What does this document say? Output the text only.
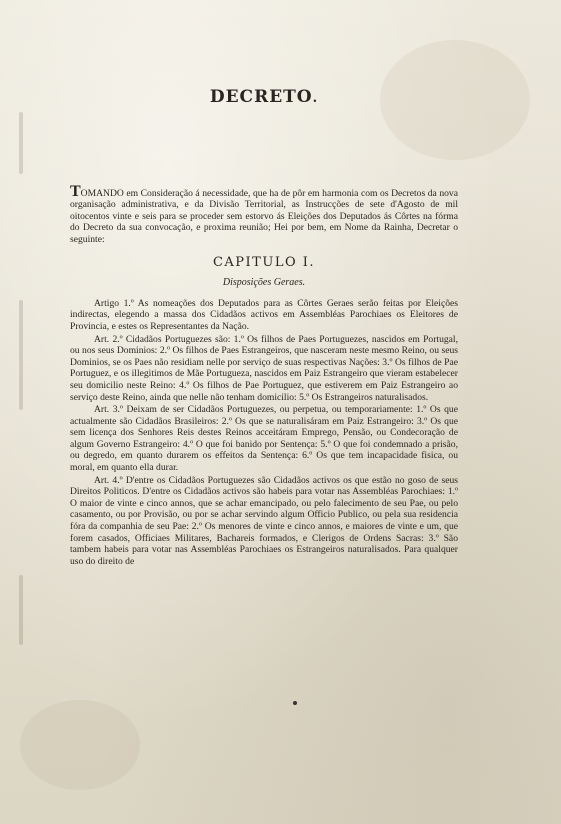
DECRETO.

TOMANDO em Consideração á necessidade, que ha de pôr em harmonia com os Decretos da nova organisação administrativa, e da Divisão Territorial, as Instrucções de sete d'Agosto de mil oitocentos vinte e seis para se proceder sem estorvo ás Eleições dos Deputados ás Côrtes na fórma do Decreto da sua convocação, e proxima reunião; Hei por bem, em Nome da Rainha, Decretar o seguinte:

CAPITULO I.
Disposições Geraes.

Artigo 1.º As nomeações dos Deputados para as Côrtes Geraes serão feitas por Eleições indirectas, elegendo a massa dos Cidadãos activos em Assembléas Parochiaes os Eleitores de Provincia, e estes os Representantes da Nação.

Art. 2.º Cidadãos Portuguezes são: 1.º Os filhos de Paes Portuguezes, nascidos em Portugal, ou nos seus Dominios: 2.º Os filhos de Paes Estrangeiros, que nasceram neste mesmo Reino, ou seus Dominios, se os Paes não residiam nelle por serviço de suas respectivas Nações: 3.º Os filhos de Pae Portuguez, e os illegitimos de Mãe Portugueza, nascidos em Paiz Estrangeiro que vieram estabelecer seu domicilio neste Reino: 4.º Os filhos de Pae Portuguez, que estiverem em Paiz Estrangeiro ao serviço deste Reino, ainda que nelle não tenham domicilio: 5.º Os Estrangeiros naturalisados.

Art. 3.º Deixam de ser Cidadãos Portuguezes, ou perpetua, ou temporariamente: 1.º Os que actualmente são Cidadãos Brasileiros: 2.º Os que se naturalisáram em Paiz Estrangeiro: 3.º Os que sem licença dos Senhores Reis destes Reinos acceitáram Emprego, Pensão, ou Condecoração de algum Governo Estrangeiro: 4.º O que foi banido por Sentença: 5.º O que foi condemnado a prisão, ou degredo, em quanto durarem os effeitos da Sentença: 6.º Os que tem incapacidade fisica, ou moral, em quanto ella durar.

Art. 4.º D'entre os Cidadãos Portuguezes são Cidadãos activos os que estão no goso de seus Direitos Politicos. D'entre os Cidadãos activos são habeis para votar nas Assembléas Parochiaes: 1.º O maior de vinte e cinco annos, que se achar emancipado, ou pelo falecimento de seu Pae, ou pelo casamento, ou por Provisão, ou por se achar servindo algum Officio Publico, ou pela sua residencia fóra da companhia de seu Pae: 2.º Os menores de vinte e cinco annos, e maiores de vinte e um, que forem casados, Officiaes Militares, Bachareis formados, e Clerigos de Ordens Sacras: 3.º São tambem habeis para votar nas Assembléas Parochiaes os Estrangeiros naturalisados. Para qualquer uso do direito de
